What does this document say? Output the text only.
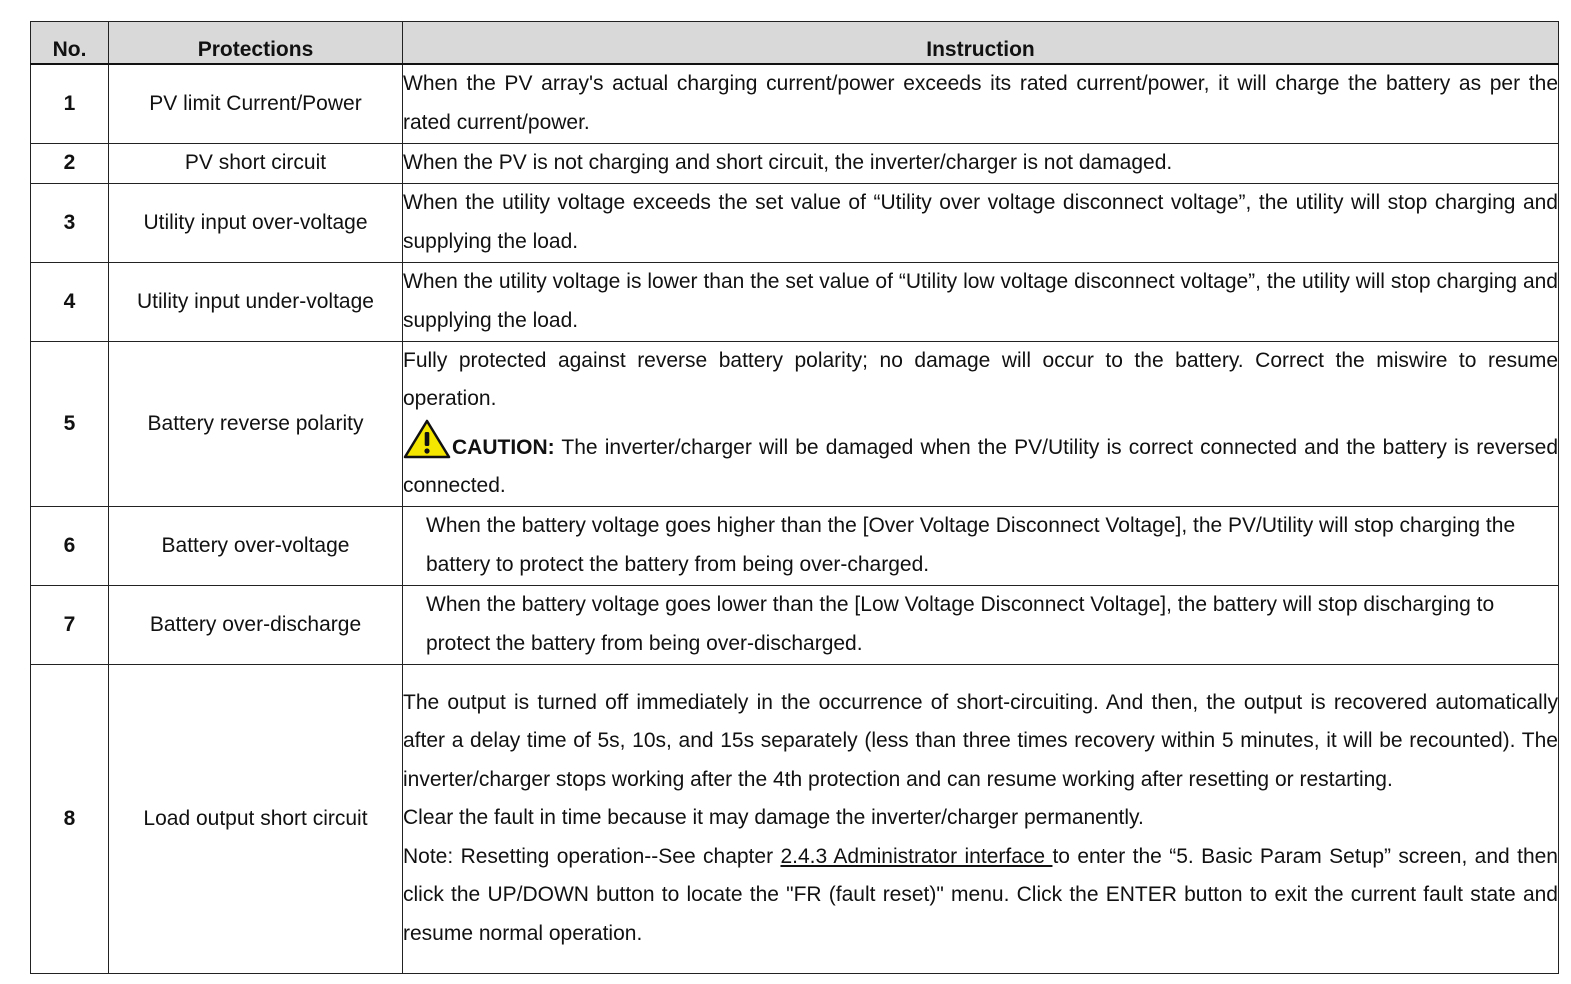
No.	Protections	Instruction
1	PV limit Current/Power	When the PV array's actual charging current/power exceeds its rated current/power, it will charge the battery as per the rated current/power.
2	PV short circuit	When the PV is not charging and short circuit, the inverter/charger is not damaged.
3	Utility input over-voltage	When the utility voltage exceeds the set value of “Utility over voltage disconnect voltage”, the utility will stop charging and supplying the load.
4	Utility input under-voltage	When the utility voltage is lower than the set value of “Utility low voltage disconnect voltage”, the utility will stop charging and supplying the load.
5	Battery reverse polarity	Fully protected against reverse battery polarity; no damage will occur to the battery. Correct the miswire to resume operation.

CAUTION: The inverter/charger will be damaged when the PV/Utility is correct connected and the battery is reversed connected.

6	Battery over-voltage	When the battery voltage goes higher than the [Over Voltage Disconnect Voltage], the PV/Utility will stop charging the battery to protect the battery from being over-charged.
7	Battery over-discharge	When the battery voltage goes lower than the [Low Voltage Disconnect Voltage], the battery will stop discharging to protect the battery from being over-discharged.
8	Load output short circuit	The output is turned off immediately in the occurrence of short-circuiting. And then, the output is recovered automatically after a delay time of 5s, 10s, and 15s separately (less than three times recovery within 5 minutes, it will be recounted). The inverter/charger stops working after the 4th protection and can resume working after resetting or restarting.

Clear the fault in time because it may damage the inverter/charger permanently.

Note: Resetting operation--See chapter 2.4.3 Administrator interface to enter the “5. Basic Param Setup” screen, and then click the UP/DOWN button to locate the "FR (fault reset)" menu. Click the ENTER button to exit the current fault state and resume normal operation.
